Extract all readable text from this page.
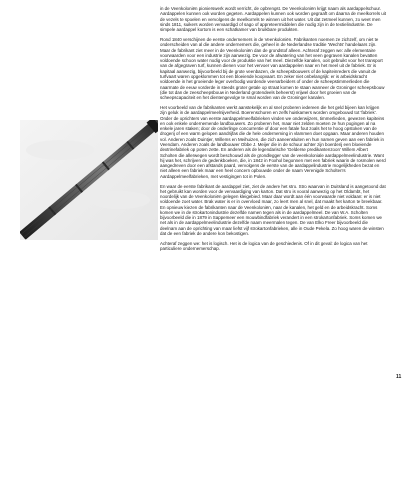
in de Veenkoloniën pionierswerk wordt verricht, de opbrengst. De Veenkoloniën krijgt naam als aardappelschuur. Aardappelen kunnen ook worden gegeten. Aardappelen kunnen ook worden gegraaft om daarna de meelkorrels uit de vezels te spoelen en vervolgens de meelkorrels te winnen uit het water. Uit dat zetmeel kunnen, zo weet men sinds 1811, suikers worden vervaardigd of sago of appreteermiddelen die nodig zijn in de textielindustrie. De simpele aardappel kortom is een schatkamer van bruikbare produkten.

Rond 1840 verschijnen de eerste ondernemers in de Veenkoloniën. Fabrikanten noemen ze zichzelf, om niet te onderscheiden van al die andere ondernemers die, geheel in de Nederlandse traditie 'Wechts' handelaars zijn. Maar de fabrikant ziet meer in de Veenkoloniën dan de grondstof alleen. Achteraf zeggen we: alle elementaire voorwaarden voor een industrie zijn aanwezig. De voor de afwatering van het veen gegraven kanalen bevatten voldoende schoon water nodig voor de produktie van het meel. Diezelfde kanalen, ooit gebruikt voor het transport van de afgegraven turf, kunnen dienen voor het vervoer van aardappelen naar en het meel uit de fabriek. Er is kapitaal aanwezig, bijvoorbeeld bij de grote veenbazen, de scheepsbouwers of de kapiteinreders die vanuit de turfvaart waren opgeklommen tot een bloeiende koopvaart. En zeker niet onbelangrijk: er is arbeidskracht voldoende in het groeiende leger overbodig wordende veenarbeiders of onder de scheepstimmerlieden die naarmate de eeuw vorderde in steeds groter getale op straat komen te staan wanneer de Groninger scheepsbouw (die tot dan de zeescheepsbouw in Nederland grotendeels beheerst) vrijwel door het groeien van de scheepscapaciteit en het dientengevolge te smal worden van de Groninger kanalen.

Het voorbeeld van de fabrikanten werkt aanstekelijk en al snel proberen iedereen die het geld bijeen kan krijgen zijn geluk in de aardappelmeelnijverheid. Boerenschuren en zelfs huiskamers worden omgebouwd tot 'fabriek'. Onder de oprichters van eerste aardappelmeelfabrieken vinden we onderwijzers, timmerlieden, gewezen kapiteins en ook enkele ondernemende landbouwers. Zo proberen het, maar niet zelden moeten ze hun pogingen al na enkele jaren staken; door de onderlinge concurrentie of door een fatale fout zoals het te hoog opstoken van de drogerij of een warm gelopen aandrijfas die de hele onderneming in vlammen doet opgaan. Maar anderen houden vol. Anderen zoals Duintjer, Willems en Meihuizen, die zich aaneensluiten en hun namen geven aan een fabriek in Veendam. Anderen zoals de landbouwer Obbe J. Meijer die in de schuur achter zijn boerderij een bloeiende dextrinefabriek op poten zette. En anderen als de legendarische 'Gelderse predikantenzoon' Willem Albert Scholten die allerwegen wordt beschouwd als de grondlegger van de veenkoloniale aardappelmeelindustrie. Want hij was het, schrijven de gedenkboeken, die, in 1842 in Foxhol begonnen met een fabriek waarin de rosmolen werd aangedreven door een afstands paard, vervolgens de eerste van de aardappelindustrie mogelijkheden bezat en niet alleen een fabriek maar een heel concern opbouwde onder de naam Verenigde Scholten's Aardappelmeelfabrieken, met vestigingen tot in Polen.

En waar de eerste fabrikant de aardappel ziet, ziet de andere het stro. Stro waarvan in Duitsland is aangetoond dat het gebruikt kan worden voor de vervaardiging van karton. Dat stro is vooral aanwezig op het Oldambt, het noordelijk van de Veenkoloniën gelegen kleigebied. Maar daar wordt aan één voorwaarde niet voldaan: er is niet voldoende zoet water. Brak water is er in overvloed maar, zo leert men al snel, dat maakt het karton te breekbaar. En opnieuw kiezen de fabrikanten naar de Veenkoloniën, naar de kanalen, het geld en de arbeidskracht. Soms komen we in de strokartonindustrie dezelfde namen tegen als in de aardappelmeel. De van W.A. Scholten bijvoorbeeld die in 1879 in Sappemeer een mouwbindfabriek verandert in een strokartonfabriek. Soms komen we net als in de aardappelmeelindustrie dezelfde naam meermalen tegen. De van Elko Freer bijvoorbeeld die deelnam aan de oprichting van maar liefst vijf strokartonfabrieken, alle in Oude Pekela. Zo hoog waren de winsten dat de een fabriek de andere kon bekostigen.

Achteraf zeggen we: het is logisch. Het is de logica van de geschiedenis. Of in dit geval: de logica van het particuliere ondernemerschap.

11
